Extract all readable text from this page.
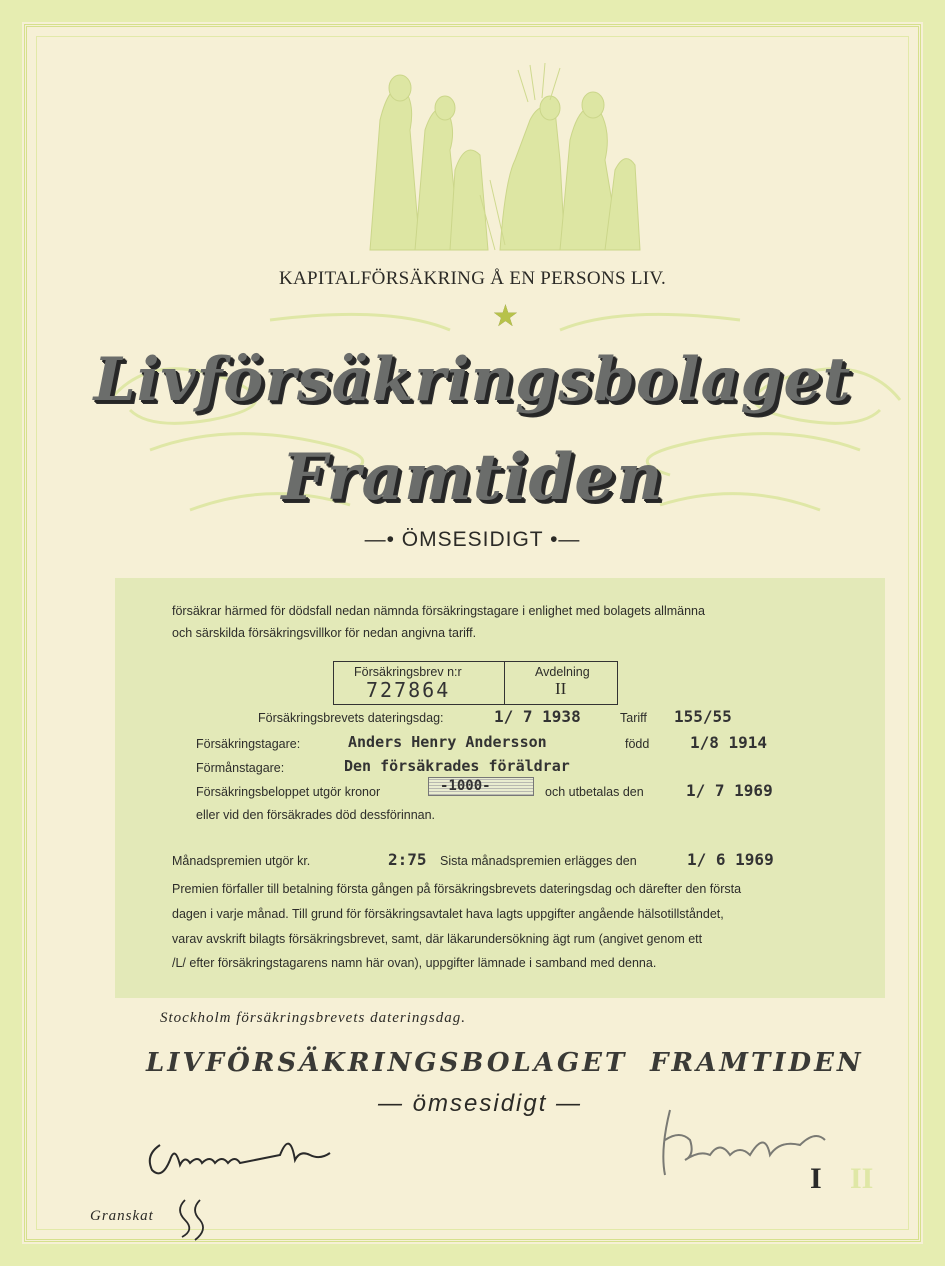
KAPITALFÖRSÄKRING Å EN PERSONS LIV.
★
Livförsäkringsbolaget
Framtiden
—• ÖMSESIDIGT •—
försäkrar härmed för dödsfall nedan nämnda försäkringstagare i enlighet med bolagets allmänna
och särskilda försäkringsvillkor för nedan angivna tariff.
Försäkringsbrev n:r
727864
Avdelning
II
Försäkringsbrevets dateringsdag:	1/ 7 1938	Tariff 155/55
Försäkringstagare:	Anders Henry Andersson	född	1/8 1914
Förmånstagare:	Den försäkrades föräldrar
Försäkringsbeloppet utgör kronor	-1000-	och utbetalas den	1/ 7 1969
eller vid den försäkrades död dessförinnan.
Månadspremien utgör kr.	2:75 Sista månadspremien erlägges den	1/ 6 1969
Premien förfaller till betalning första gången på försäkringsbrevets dateringsdag och därefter den första
dagen i varje månad. Till grund för försäkringsavtalet hava lagts uppgifter angående hälsotillståndet,
varav avskrift bilagts försäkringsbrevet, samt, där läkarundersökning ägt rum (angivet genom ett
/L/ efter försäkringstagarens namn här ovan), uppgifter lämnade i samband med denna.
Stockholm försäkringsbrevets dateringsdag.
LIVFÖRSÄKRINGSBOLAGET FRAMTIDEN
— ömsesidigt —
Granskat
I II
